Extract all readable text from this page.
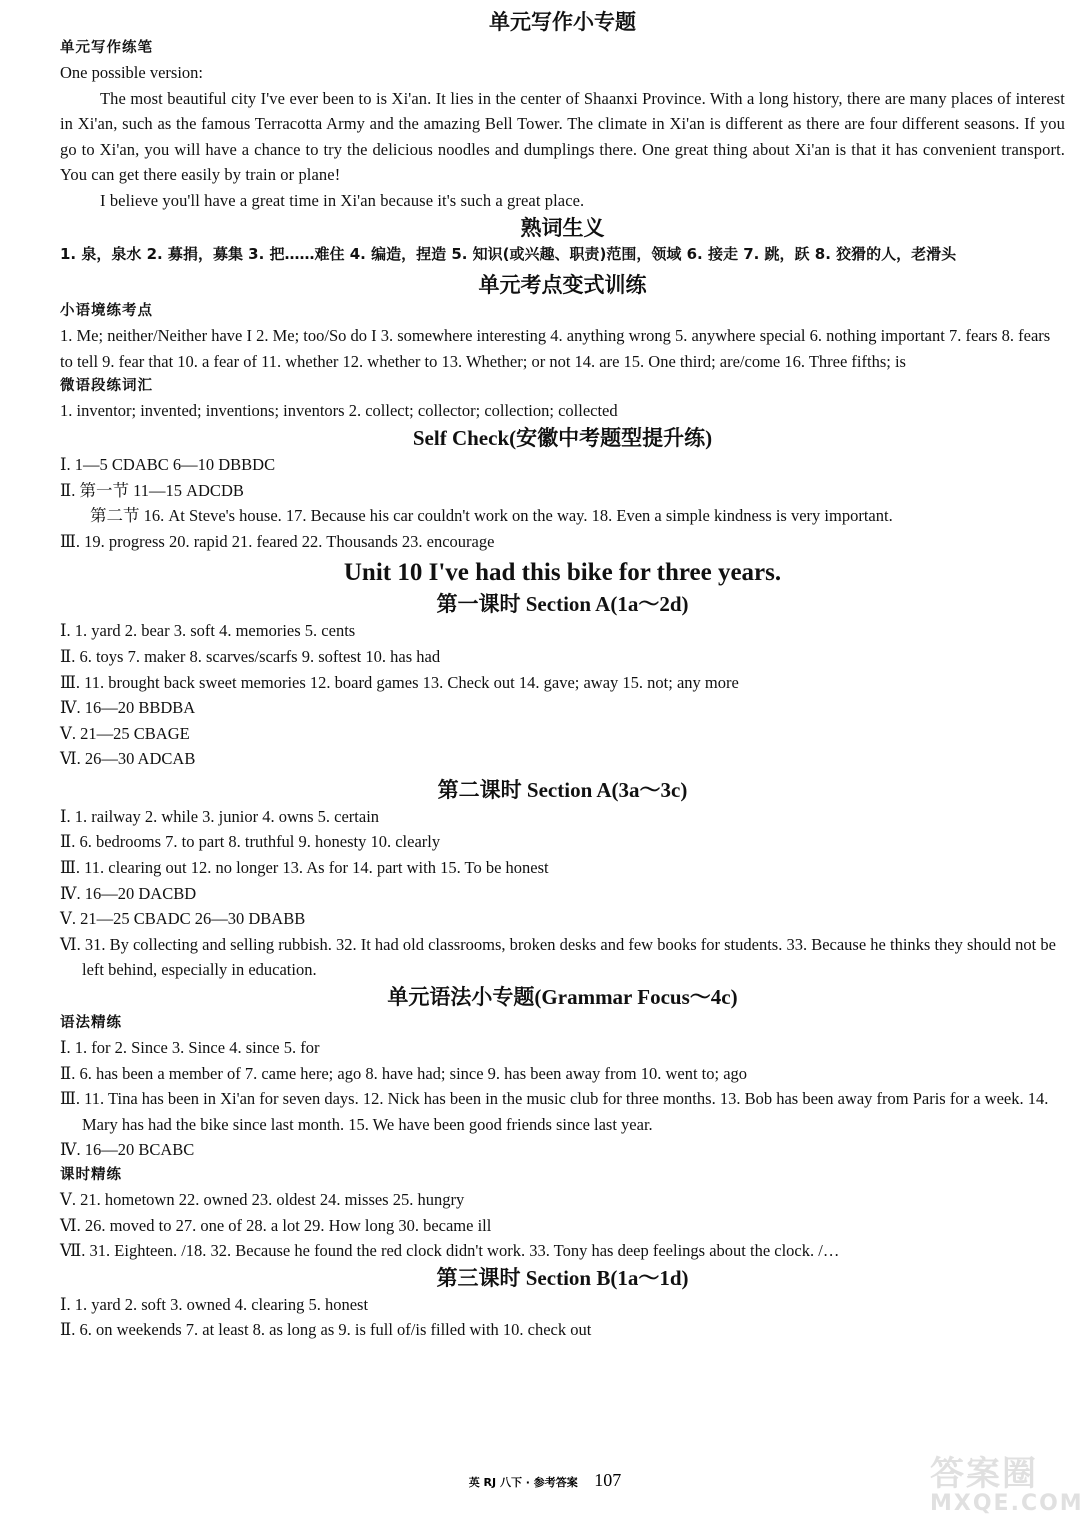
单元写作小专题
单元写作练笔
One possible version:
The most beautiful city I've ever been to is Xi'an. It lies in the center of Shaanxi Province. With a long history, there are many places of interest in Xi'an, such as the famous Terracotta Army and the amazing Bell Tower. The climate in Xi'an is different as there are four different seasons. If you go to Xi'an, you will have a chance to try the delicious noodles and dumplings there. One great thing about Xi'an is that it has convenient transport. You can get there easily by train or plane!
I believe you'll have a great time in Xi'an because it's such a great place.
熟词生义
1. 泉，泉水 2. 募捐，募集 3. 把……难住 4. 编造，捏造 5. 知识(或兴趣、职责)范围，领域 6. 接走 7. 跳，跃 8. 狡猾的人，老滑头
单元考点变式训练
小语境练考点
1. Me; neither/Neither have I 2. Me; too/So do I 3. somewhere interesting 4. anything wrong 5. anywhere special 6. nothing important 7. fears 8. fears to tell 9. fear that 10. a fear of 11. whether 12. whether to 13. Whether; or not 14. are 15. One third; are/come 16. Three fifths; is
微语段练词汇
1. inventor; invented; inventions; inventors 2. collect; collector; collection; collected
Self Check(安徽中考题型提升练)
Ⅰ. 1—5 CDABC 6—10 DBBDC
Ⅱ. 第一节 11—15 ADCDB
第二节 16. At Steve's house. 17. Because his car couldn't work on the way. 18. Even a simple kindness is very important.
Ⅲ. 19. progress 20. rapid 21. feared 22. Thousands 23. encourage
Unit 10 I've had this bike for three years.
第一课时 Section A(1a～2d)
Ⅰ. 1. yard 2. bear 3. soft 4. memories 5. cents
Ⅱ. 6. toys 7. maker 8. scarves/scarfs 9. softest 10. has had
Ⅲ. 11. brought back sweet memories 12. board games 13. Check out 14. gave; away 15. not; any more
Ⅳ. 16—20 BBDBA
Ⅴ. 21—25 CBAGE
Ⅵ. 26—30 ADCAB
第二课时 Section A(3a～3c)
Ⅰ. 1. railway 2. while 3. junior 4. owns 5. certain
Ⅱ. 6. bedrooms 7. to part 8. truthful 9. honesty 10. clearly
Ⅲ. 11. clearing out 12. no longer 13. As for 14. part with 15. To be honest
Ⅳ. 16—20 DACBD
Ⅴ. 21—25 CBADC 26—30 DBABB
Ⅵ. 31. By collecting and selling rubbish. 32. It had old classrooms, broken desks and few books for students. 33. Because he thinks they should not be left behind, especially in education.
单元语法小专题(Grammar Focus～4c)
语法精练
Ⅰ. 1. for 2. Since 3. Since 4. since 5. for
Ⅱ. 6. has been a member of 7. came here; ago 8. have had; since 9. has been away from 10. went to; ago
Ⅲ. 11. Tina has been in Xi'an for seven days. 12. Nick has been in the music club for three months. 13. Bob has been away from Paris for a week. 14. Mary has had the bike since last month. 15. We have been good friends since last year.
Ⅳ. 16—20 BCABC
课时精练
Ⅴ. 21. hometown 22. owned 23. oldest 24. misses 25. hungry
Ⅵ. 26. moved to 27. one of 28. a lot 29. How long 30. became ill
Ⅶ. 31. Eighteen. /18. 32. Because he found the red clock didn't work. 33. Tony has deep feelings about the clock. /…
第三课时 Section B(1a～1d)
Ⅰ. 1. yard 2. soft 3. owned 4. clearing 5. honest
Ⅱ. 6. on weekends 7. at least 8. as long as 9. is full of/is filled with 10. check out
英 RJ 八下 · 参考答案 107	答案圈
MXQE.COM
